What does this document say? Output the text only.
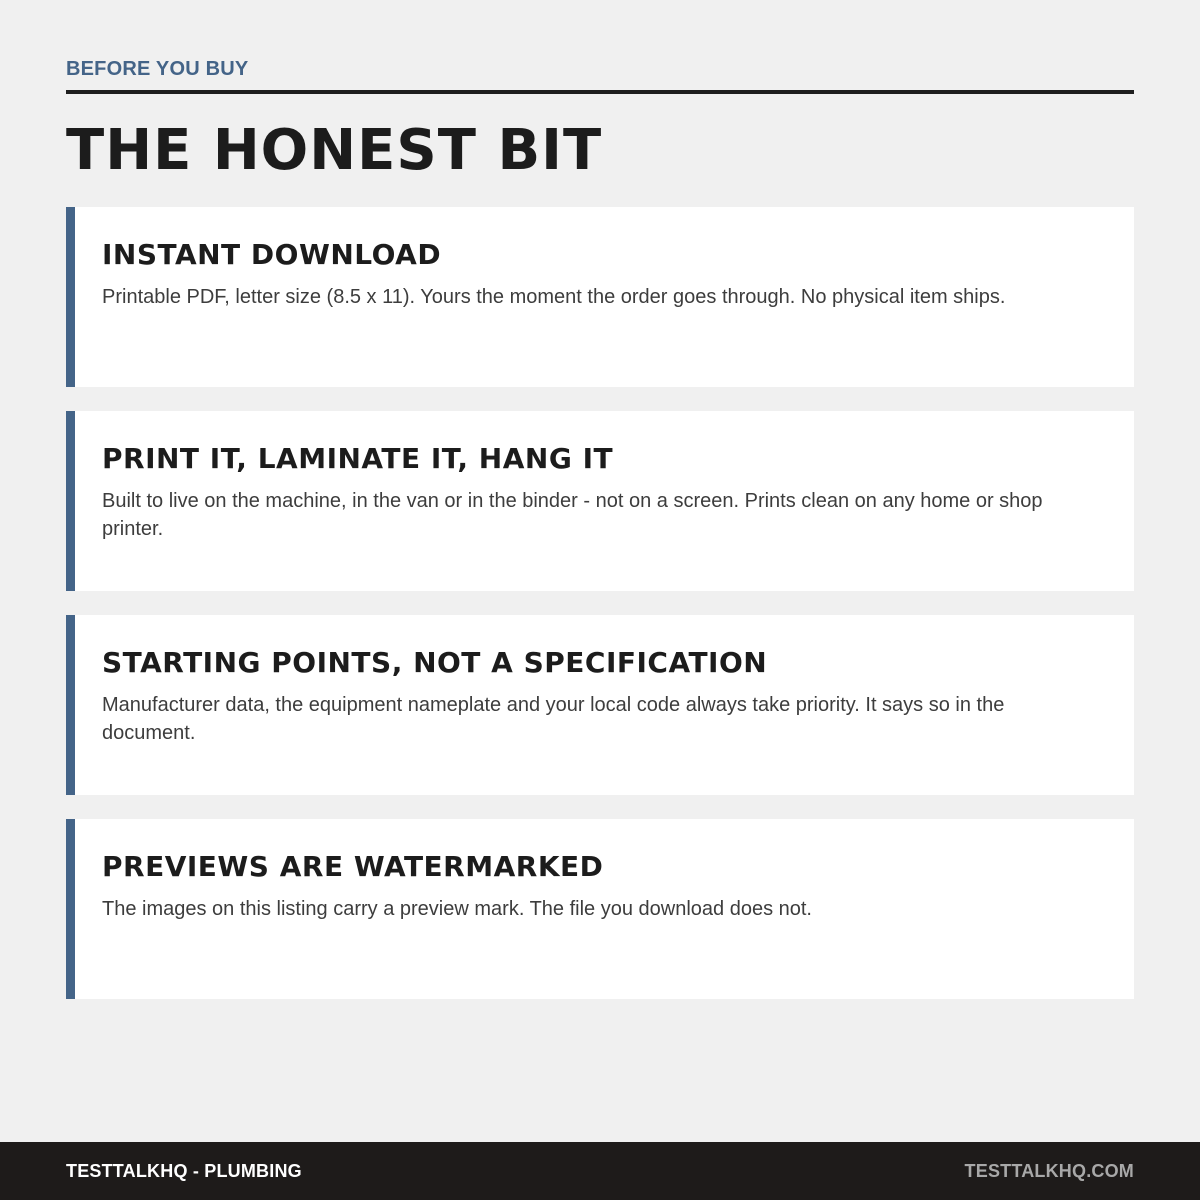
BEFORE YOU BUY

THE HONEST BIT
INSTANT DOWNLOAD

Printable PDF, letter size (8.5 x 11). Yours the moment the order goes through. No physical item ships.

PRINT IT, LAMINATE IT, HANG IT

Built to live on the machine, in the van or in the binder - not on a screen. Prints clean on any home or shop printer.

STARTING POINTS, NOT A SPECIFICATION

Manufacturer data, the equipment nameplate and your local code always take priority. It says so in the document.

PREVIEWS ARE WATERMARKED

The images on this listing carry a preview mark. The file you download does not.

TESTTALKHQ - PLUMBING	TESTTALKHQ.COM
